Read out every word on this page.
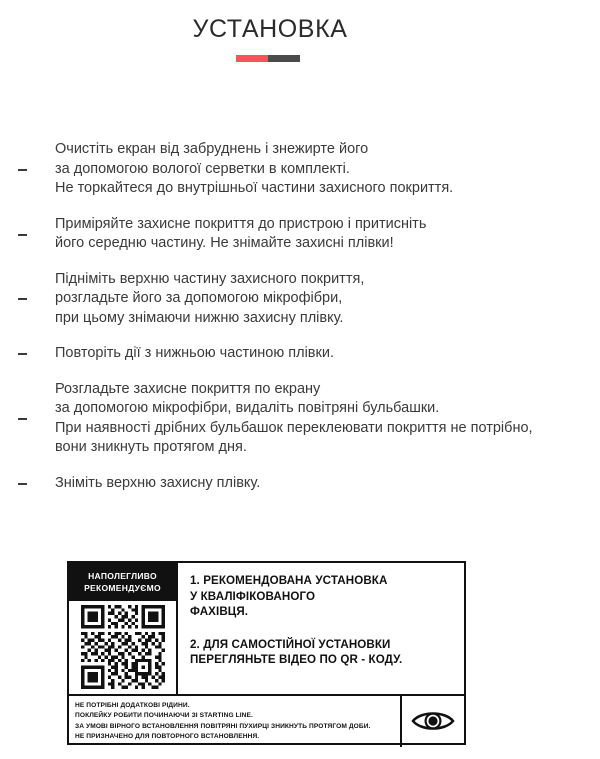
УСТАНОВКА
Очистіть екран від забруднень і знежирте його
за допомогою вологої серветки в комплекті.
Не торкайтеся до внутрішньої частини захисного покриття.
Примiряйте захисне покриття до пристрою і притисніть
його середню частину. Не знімайте захисні плівки!
Підніміть верхню частину захисного покриття,
розгладьте його за допомогою мікрофібри,
при цьому знімаючи нижню захисну плівку.
Повторіть дії з нижньою частиною плівки.
Розгладьте захисне покриття по екрану
за допомогою мікрофібри, видаліть повітряні бульбашки.
При наявності дрібних бульбашок переклеювати покриття не потрібно,
вони зникнуть протягом дня.
Зніміть верхню захисну плівку.
НАПОЛЕГЛИВО
РЕКОМЕНДУЄМО

1. РЕКОМЕНДОВАНА УСТАНОВКА
У КВАЛІФІКОВАНОГО
ФАХІВЦЯ.

2. ДЛЯ САМОСТІЙНОЇ УСТАНОВКИ
ПЕРЕГЛЯНЬТЕ ВІДЕО ПО QR - КОДУ.

НЕ ПОТРІБНІ ДОДАТКОВІ РІДИНИ.
ПОКЛЕЙКУ РОБИТИ ПОЧИНАЮЧИ ЗІ STARTING LINE.
ЗА УМОВІ ВІРНОГО ВСТАНОВЛЕННЯ ПОВІТРЯНІ ПУХИРЦІ ЗНИКНУТЬ ПРОТЯГОМ ДОБИ.
НЕ ПРИЗНАЧЕНО ДЛЯ ПОВТОРНОГО ВСТАНОВЛЕННЯ.
